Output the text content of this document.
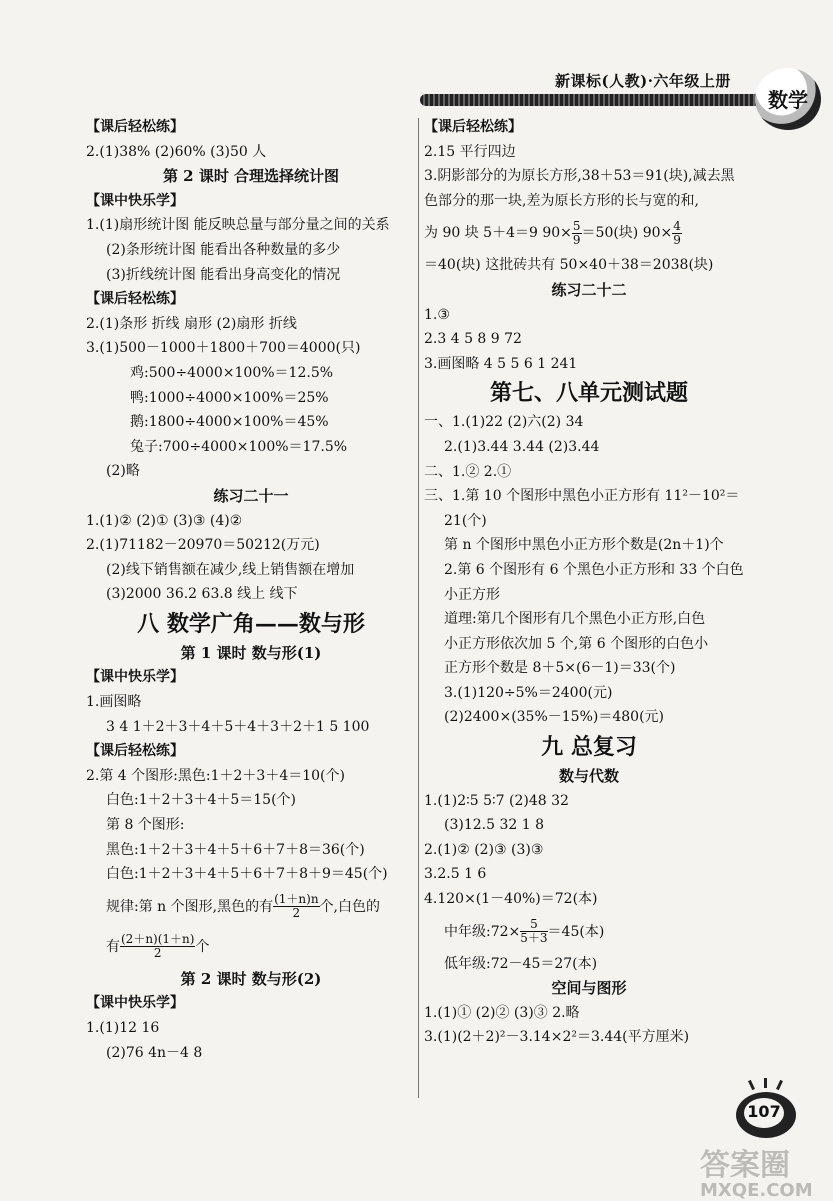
新课标(人教)·六年级上册
数学
【课后轻松练】
2.(1)38% (2)60% (3)50 人
第 2 课时 合理选择统计图
【课中快乐学】
1.(1)扇形统计图 能反映总量与部分量之间的关系
(2)条形统计图 能看出各种数量的多少
(3)折线统计图 能看出身高变化的情况
【课后轻松练】
2.(1)条形 折线 扇形 (2)扇形 折线
3.(1)500－1000＋1800＋700＝4000(只)
鸡:500÷4000×100%＝12.5%
鸭:1000÷4000×100%＝25%
鹅:1800÷4000×100%＝45%
兔子:700÷4000×100%＝17.5%
(2)略
练习二十一
1.(1)② (2)① (3)③ (4)②
2.(1)71182－20970＝50212(万元)
(2)线下销售额在减少,线上销售额在增加
(3)2000 36.2 63.8 线上 线下
八 数学广角——数与形
第 1 课时 数与形(1)
【课中快乐学】
1.画图略
3 4 1＋2＋3＋4＋5＋4＋3＋2＋1 5 100
【课后轻松练】
2.第 4 个图形:黑色:1＋2＋3＋4＝10(个)
白色:1＋2＋3＋4＋5＝15(个)
第 8 个图形:
黑色:1＋2＋3＋4＋5＋6＋7＋8＝36(个)
白色:1＋2＋3＋4＋5＋6＋7＋8＋9＝45(个)
规律:第 n 个图形,黑色的有 $\frac{(1+n)n}{2}$ 个,白色的
有 $\frac{(2+n)(1+n)}{2}$ 个
第 2 课时 数与形(2)
【课中快乐学】
1.(1)12 16
(2)76 4n－4 8
【课后轻松练】
2.15 平行四边
3.阴影部分的为原长方形,38＋53＝91(块),减去黑
色部分的那一块,差为原长方形的长与宽的和,
为 90 块 5＋4＝9 $90\times \frac{5}{9} =50$(块) $90\times \frac{4}{9}$
＝40(块) 这批砖共有 50×40＋38＝2038(块)
练习二十二
1.③
2.3 4 5 8 9 72
3.画图略 4 5 5 6 1 241
第七、八单元测试题
一、1.(1)22 (2)六(2) 34
2.(1)3.44 3.44 (2)3.44
二、1.② 2.①
三、1.第 10 个图形中黑色小正方形有 11²－10²＝
21(个)
第 n 个图形中黑色小正方形个数是(2n＋1)个
2.第 6 个图形有 6 个黑色小正方形和 33 个白色
小正方形
道理:第几个图形有几个黑色小正方形,白色
小正方形依次加 5 个,第 6 个图形的白色小
正方形个数是 8＋5×(6－1)＝33(个)
3.(1)120÷5%＝2400(元)
(2)2400×(35%－15%)＝480(元)
九 总复习
数与代数
1.(1)2∶5 5∶7 (2)48 32
(3)12.5 32 1 8
2.(1)② (2)③ (3)③
3.2.5 1 6
4.120×(1－40%)＝72(本)
中年级:72× $\frac{5}{5+3} =45$(本)
低年级:72－45＝27(本)
空间与图形
1.(1)① (2)② (3)③ 2.略
3.(1)(2＋2)²－3.14×2²＝3.44(平方厘米)
107
答案圈
MXQE.COM
